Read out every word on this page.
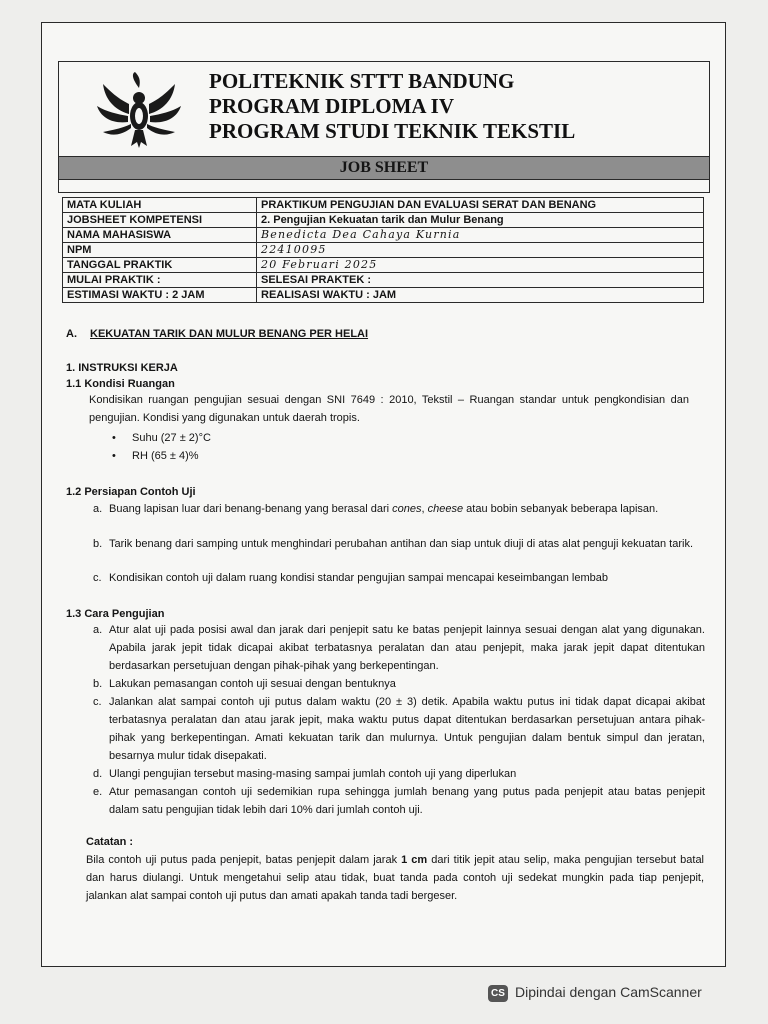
POLITEKNIK STTT BANDUNG
PROGRAM DIPLOMA IV
PROGRAM STUDI TEKNIK TEKSTIL
JOB SHEET
MATA KULIAH	PRAKTIKUM PENGUJIAN DAN EVALUASI SERAT DAN BENANG
JOBSHEET KOMPETENSI	2. Pengujian Kekuatan tarik dan Mulur Benang
NAMA MAHASISWA	Benedicta Dea Cahaya Kurnia
NPM	22410095
TANGGAL PRAKTIK	20 Februari 2025
MULAI PRAKTIK :	SELESAI PRAKTEK :
ESTIMASI WAKTU : 2 JAM	REALISASI WAKTU : JAM
A. KEKUATAN TARIK DAN MULUR BENANG PER HELAI
1. INSTRUKSI KERJA
1.1 Kondisi Ruangan
Kondisikan ruangan pengujian sesuai dengan SNI 7649 : 2010, Tekstil – Ruangan standar untuk pengkondisian dan pengujian. Kondisi yang digunakan untuk daerah tropis.
• Suhu (27 ± 2)°C
• RH (65 ± 4)%
1.2 Persiapan Contoh Uji
a. Buang lapisan luar dari benang-benang yang berasal dari cones, cheese atau bobin sebanyak beberapa lapisan.
b. Tarik benang dari samping untuk menghindari perubahan antihan dan siap untuk diuji di atas alat penguji kekuatan tarik.
c. Kondisikan contoh uji dalam ruang kondisi standar pengujian sampai mencapai keseimbangan lembab
1.3 Cara Pengujian
a. Atur alat uji pada posisi awal dan jarak dari penjepit satu ke batas penjepit lainnya sesuai dengan alat yang digunakan. Apabila jarak jepit tidak dicapai akibat terbatasnya peralatan dan atau penjepit, maka jarak jepit dapat ditentukan berdasarkan persetujuan dengan pihak-pihak yang berkepentingan.
b. Lakukan pemasangan contoh uji sesuai dengan bentuknya
c. Jalankan alat sampai contoh uji putus dalam waktu (20 ± 3) detik. Apabila waktu putus ini tidak dapat dicapai akibat terbatasnya peralatan dan atau jarak jepit, maka waktu putus dapat ditentukan berdasarkan persetujuan antara pihak-pihak yang berkepentingan. Amati kekuatan tarik dan mulurnya. Untuk pengujian dalam bentuk simpul dan jeratan, besarnya mulur tidak disepakati.
d. Ulangi pengujian tersebut masing-masing sampai jumlah contoh uji yang diperlukan
e. Atur pemasangan contoh uji sedemikian rupa sehingga jumlah benang yang putus pada penjepit atau batas penjepit dalam satu pengujian tidak lebih dari 10% dari jumlah contoh uji.
Catatan :
Bila contoh uji putus pada penjepit, batas penjepit dalam jarak 1 cm dari titik jepit atau selip, maka pengujian tersebut batal dan harus diulangi. Untuk mengetahui selip atau tidak, buat tanda pada contoh uji sedekat mungkin pada tiap penjepit, jalankan alat sampai contoh uji putus dan amati apakah tanda tadi bergeser.
CS Dipindai dengan CamScanner
